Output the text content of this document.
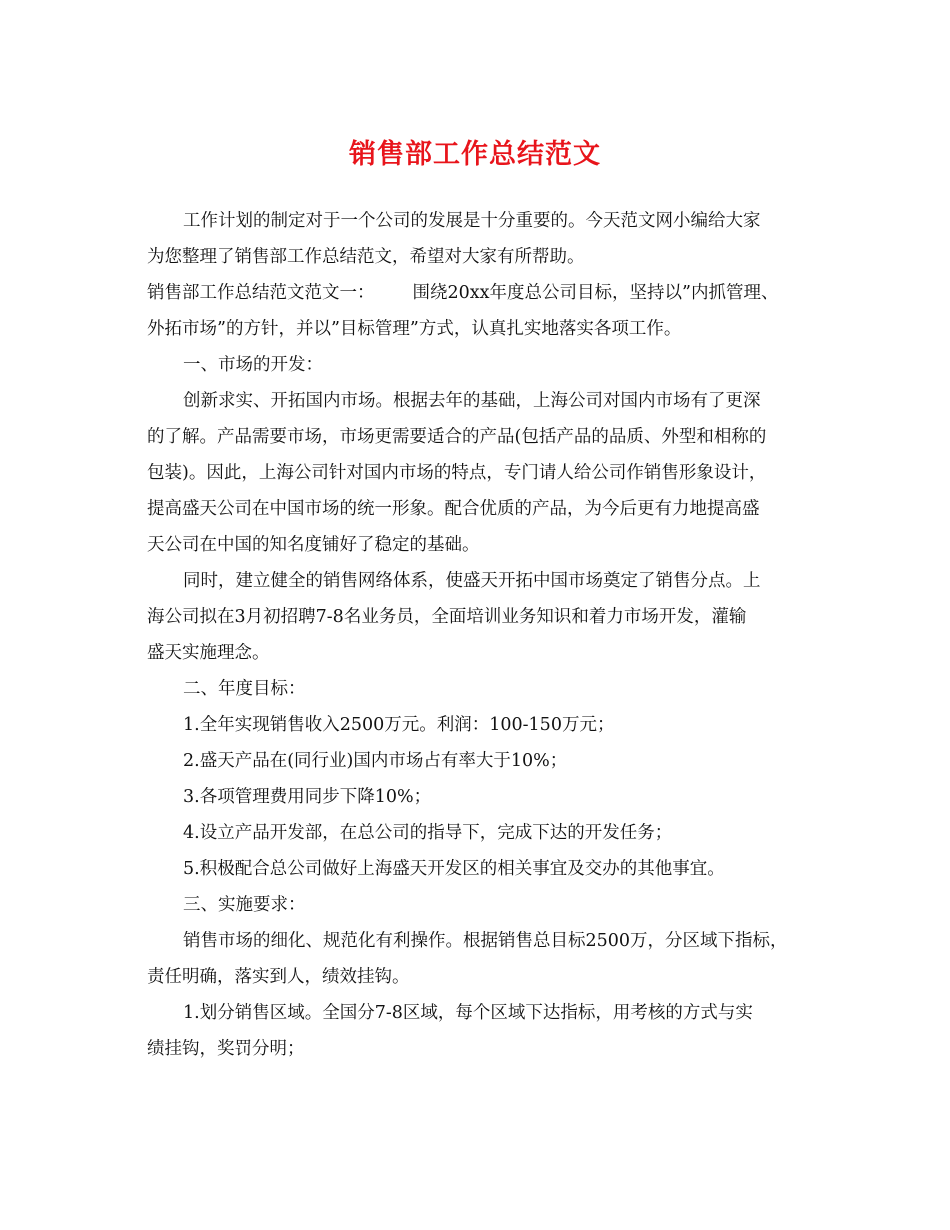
销售部工作总结范文

工作计划的制定对于一个公司的发展是十分重要的。今天范文网小编给大家

为您整理了销售部工作总结范文，希望对大家有所帮助。

销售部工作总结范文范文一： 围绕20xx年度总公司目标，坚持以”内抓管理、

外拓市场”的方针，并以”目标管理”方式，认真扎实地落实各项工作。

一、市场的开发：

创新求实、开拓国内市场。根据去年的基础，上海公司对国内市场有了更深

的了解。产品需要市场，市场更需要适合的产品(包括产品的品质、外型和相称的

包装)。因此，上海公司针对国内市场的特点，专门请人给公司作销售形象设计，

提高盛天公司在中国市场的统一形象。配合优质的产品，为今后更有力地提高盛

天公司在中国的知名度铺好了稳定的基础。

同时，建立健全的销售网络体系，使盛天开拓中国市场奠定了销售分点。上

海公司拟在3月初招聘7-8名业务员，全面培训业务知识和着力市场开发，灌输

盛天实施理念。

二、年度目标：

1.全年实现销售收入2500万元。利润：100-150万元；

2.盛天产品在(同行业)国内市场占有率大于10%；

3.各项管理费用同步下降10%；

4.设立产品开发部，在总公司的指导下，完成下达的开发任务；

5.积极配合总公司做好上海盛天开发区的相关事宜及交办的其他事宜。

三、实施要求：

销售市场的细化、规范化有利操作。根据销售总目标2500万，分区域下指标，

责任明确，落实到人，绩效挂钩。

1.划分销售区域。全国分7-8区域，每个区域下达指标，用考核的方式与实

绩挂钩，奖罚分明；
